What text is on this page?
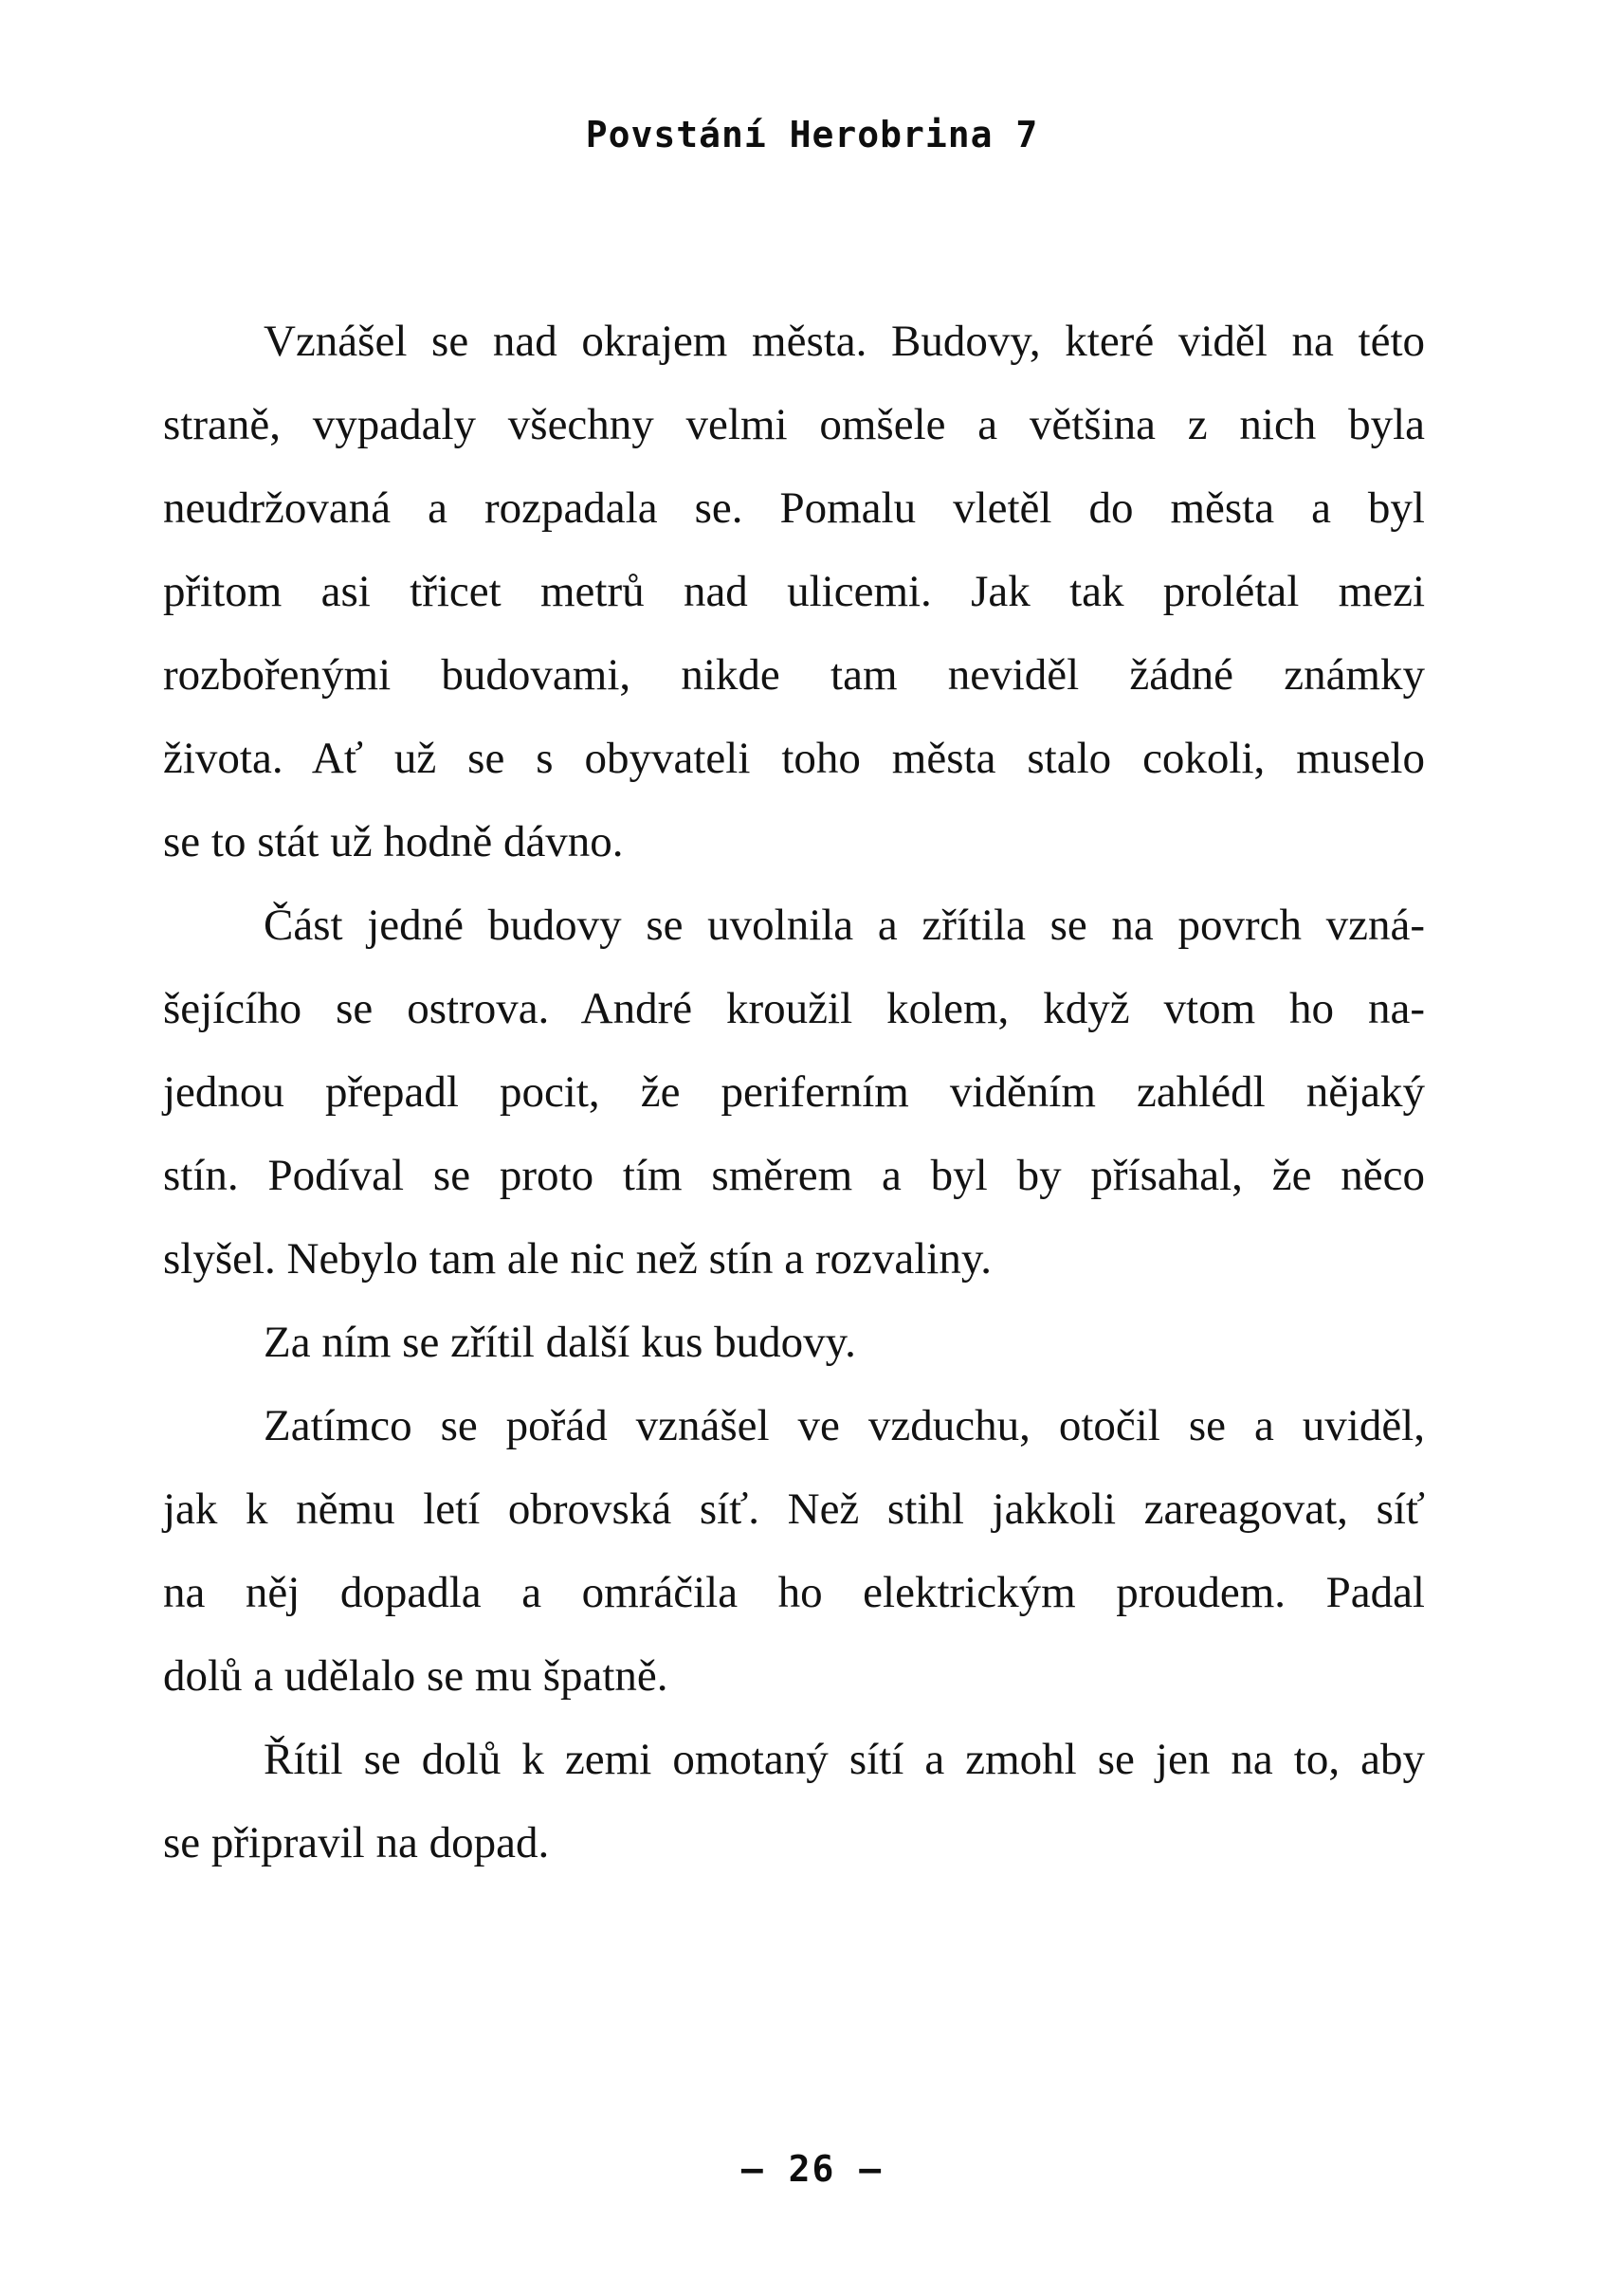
Povstání Herobrina 7
Vznášel se nad okrajem města. Budovy, které viděl na této
straně, vypadaly všechny velmi omšele a většina z nich byla
neudržovaná a rozpadala se. Pomalu vletěl do města a byl
přitom asi třicet metrů nad ulicemi. Jak tak prolétal mezi
rozbořenými budovami, nikde tam neviděl žádné známky
života. Ať už se s obyvateli toho města stalo cokoli, muselo
se to stát už hodně dávno.
Část jedné budovy se uvolnila a zřítila se na povrch vzná-
šejícího se ostrova. André kroužil kolem, když vtom ho na-
jednou přepadl pocit, že periferním viděním zahlédl nějaký
stín. Podíval se proto tím směrem a byl by přísahal, že něco
slyšel. Nebylo tam ale nic než stín a rozvaliny.
Za ním se zřítil další kus budovy.
Zatímco se pořád vznášel ve vzduchu, otočil se a uviděl,
jak k němu letí obrovská síť. Než stihl jakkoli zareagovat, síť
na něj dopadla a omráčila ho elektrickým proudem. Padal
dolů a udělalo se mu špatně.
Řítil se dolů k zemi omotaný sítí a zmohl se jen na to, aby
se připravil na dopad.
– 26 –
